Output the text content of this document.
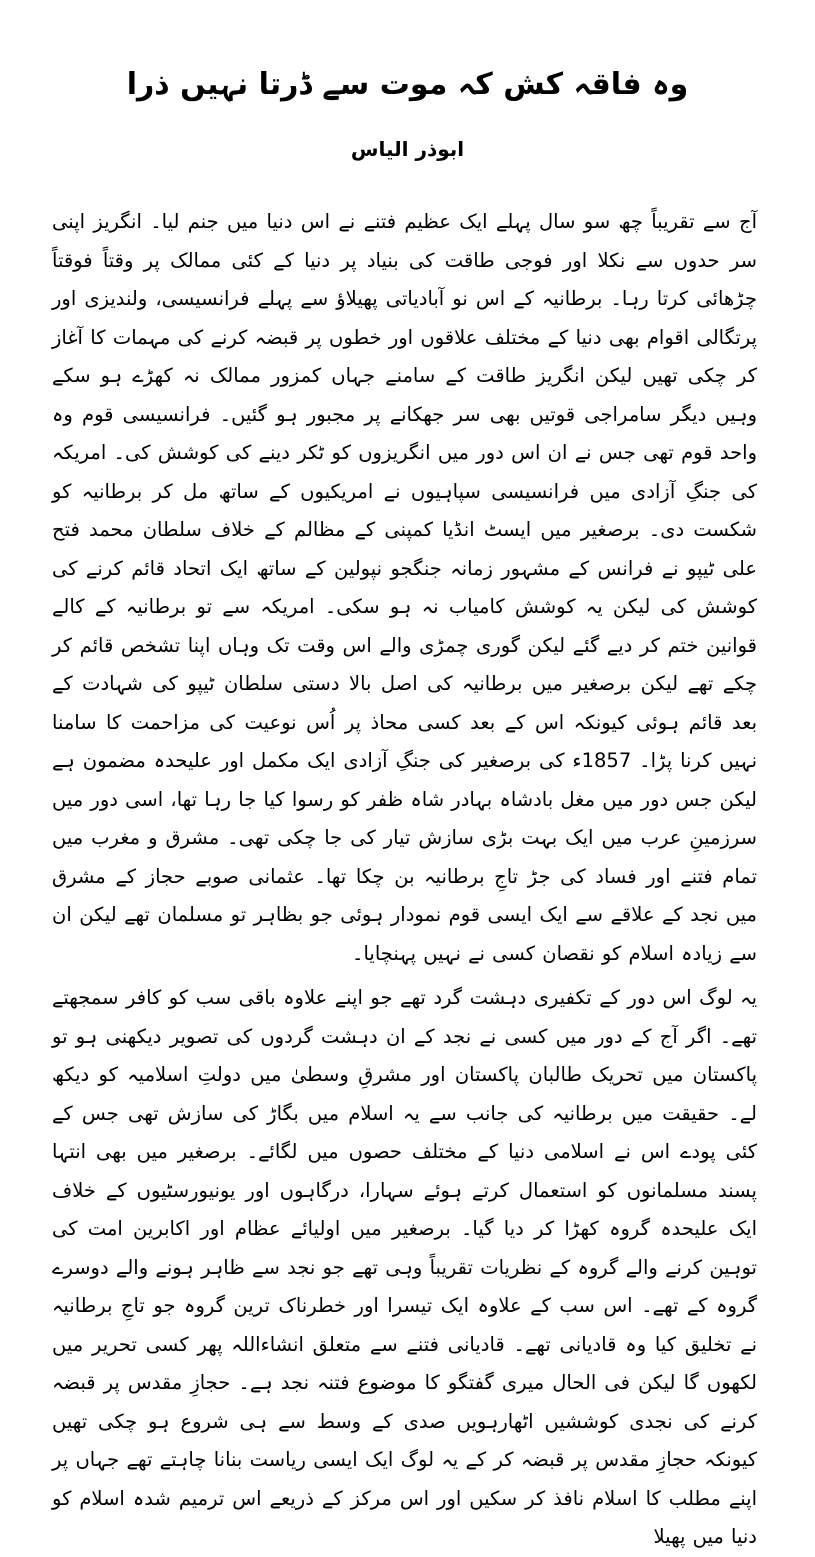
وہ فاقہ کش کہ موت سے ڈرتا نہیں ذرا
ابوذر الیاس

آج سے تقریباً چھ سو سال پہلے ایک عظیم فتنے نے اس دنیا میں جنم لیا۔ انگریز اپنی سر حدوں سے نکلا اور فوجی طاقت کی بنیاد پر دنیا کے کئی ممالک پر وقتاً فوقتاً چڑھائی کرتا رہا۔ برطانیہ کے اس نو آبادیاتی پھیلاؤ سے پہلے فرانسیسی، ولندیزی اور پرتگالی اقوام بھی دنیا کے مختلف علاقوں اور خطوں پر قبضہ کرنے کی مہمات کا آغاز کر چکی تھیں لیکن انگریز طاقت کے سامنے جہاں کمزور ممالک نہ کھڑے ہو سکے وہیں دیگر سامراجی قوتیں بھی سر جھکانے پر مجبور ہو گئیں۔ فرانسیسی قوم وہ واحد قوم تھی جس نے ان اس دور میں انگریزوں کو ٹکر دینے کی کوشش کی۔ امریکہ کی جنگِ آزادی میں فرانسیسی سپاہیوں نے امریکیوں کے ساتھ مل کر برطانیہ کو شکست دی۔ برصغیر میں ایسٹ انڈیا کمپنی کے مظالم کے خلاف سلطان محمد فتح علی ٹیپو نے فرانس کے مشہور زمانہ جنگجو نپولین کے ساتھ ایک اتحاد قائم کرنے کی کوشش کی لیکن یہ کوشش کامیاب نہ ہو سکی۔ امریکہ سے تو برطانیہ کے کالے قوانین ختم کر دیے گئے لیکن گوری چمڑی والے اس وقت تک وہاں اپنا تشخص قائم کر چکے تھے لیکن برصغیر میں برطانیہ کی اصل بالا دستی سلطان ٹیپو کی شہادت کے بعد قائم ہوئی کیونکہ اس کے بعد کسی محاذ پر اُس نوعیت کی مزاحمت کا سامنا نہیں کرنا پڑا۔ 1857ء کی برصغیر کی جنگِ آزادی ایک مکمل اور علیحدہ مضمون ہے لیکن جس دور میں مغل بادشاہ بہادر شاہ ظفر کو رسوا کیا جا رہا تھا، اسی دور میں سرزمینِ عرب میں ایک بہت بڑی سازش تیار کی جا چکی تھی۔ مشرق و مغرب میں تمام فتنے اور فساد کی جڑ تاجِ برطانیہ بن چکا تھا۔ عثمانی صوبے حجاز کے مشرق میں نجد کے علاقے سے ایک ایسی قوم نمودار ہوئی جو بظاہر تو مسلمان تھے لیکن ان سے زیادہ اسلام کو نقصان کسی نے نہیں پہنچایا۔

یہ لوگ اس دور کے تکفیری دہشت گرد تھے جو اپنے علاوہ باقی سب کو کافر سمجھتے تھے۔ اگر آج کے دور میں کسی نے نجد کے ان دہشت گردوں کی تصویر دیکھنی ہو تو پاکستان میں تحریک طالبان پاکستان اور مشرقِ وسطیٰ میں دولتِ اسلامیہ کو دیکھ لے۔ حقیقت میں برطانیہ کی جانب سے یہ اسلام میں بگاڑ کی سازش تھی جس کے کئی پودے اس نے اسلامی دنیا کے مختلف حصوں میں لگائے۔ برصغیر میں بھی انتہا پسند مسلمانوں کو استعمال کرتے ہوئے سہارا، درگاہوں اور یونیورسٹیوں کے خلاف ایک علیحدہ گروہ کھڑا کر دیا گیا۔ برصغیر میں اولیائے عظام اور اکابرین امت کی توہین کرنے والے گروہ کے نظریات تقریباً وہی تھے جو نجد سے ظاہر ہونے والے دوسرے گروہ کے تھے۔ اس سب کے علاوہ ایک تیسرا اور خطرناک ترین گروہ جو تاجِ برطانیہ نے تخلیق کیا وہ قادیانی تھے۔ قادیانی فتنے سے متعلق انشاءاللہ پھر کسی تحریر میں لکھوں گا لیکن فی الحال میری گفتگو کا موضوع فتنہ نجد ہے۔ حجازِ مقدس پر قبضہ کرنے کی نجدی کوششیں اٹھارہویں صدی کے وسط سے ہی شروع ہو چکی تھیں کیونکہ حجازِ مقدس پر قبضہ کر کے یہ لوگ ایک ایسی ریاست بنانا چاہتے تھے جہاں پر اپنے مطلب کا اسلام نافذ کر سکیں اور اس مرکز کے ذریعے اس ترمیم شدہ اسلام کو دنیا میں پھیلا
